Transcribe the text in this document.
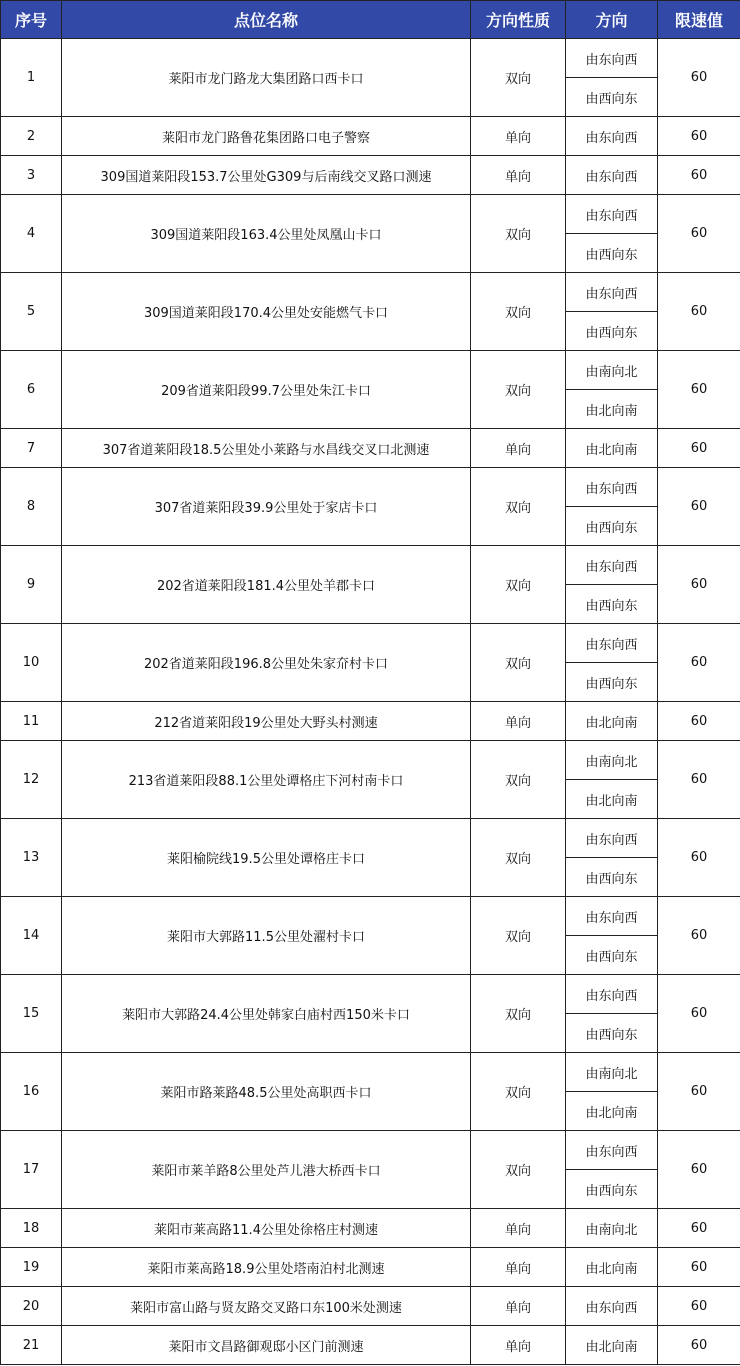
序号	点位名称	方向性质	方向	限速值
1	莱阳市龙门路龙大集团路口西卡口	双向	由东向西	60
			由西向东	
2	莱阳市龙门路鲁花集团路口电子警察	单向	由东向西	60
3	309国道莱阳段153.7公里处G309与后南线交叉路口测速	单向	由东向西	60
4	309国道莱阳段163.4公里处凤凰山卡口	双向	由东向西	60
			由西向东	
5	309国道莱阳段170.4公里处安能燃气卡口	双向	由东向西	60
			由西向东	
6	209省道莱阳段99.7公里处朱江卡口	双向	由南向北	60
			由北向南	
7	307省道莱阳段18.5公里处小莱路与水昌线交叉口北测速	单向	由北向南	60
8	307省道莱阳段39.9公里处于家店卡口	双向	由东向西	60
			由西向东	
9	202省道莱阳段181.4公里处羊郡卡口	双向	由东向西	60
			由西向东	
10	202省道莱阳段196.8公里处朱家夼村卡口	双向	由东向西	60
			由西向东	
11	212省道莱阳段19公里处大野头村测速	单向	由北向南	60
12	213省道莱阳段88.1公里处谭格庄下河村南卡口	双向	由南向北	60
			由北向南	
13	莱阳榆院线19.5公里处谭格庄卡口	双向	由东向西	60
			由西向东	
14	莱阳市大郭路11.5公里处濯村卡口	双向	由东向西	60
			由西向东	
15	莱阳市大郭路24.4公里处韩家白庙村西150米卡口	双向	由东向西	60
			由西向东	
16	莱阳市路莱路48.5公里处高职西卡口	双向	由南向北	60
			由北向南	
17	莱阳市莱羊路8公里处芦儿港大桥西卡口	双向	由东向西	60
			由西向东	
18	莱阳市莱高路11.4公里处徐格庄村测速	单向	由南向北	60
19	莱阳市莱高路18.9公里处塔南泊村北测速	单向	由北向南	60
20	莱阳市富山路与贤友路交叉路口东100米处测速	单向	由东向西	60
21	莱阳市文昌路御观邸小区门前测速	单向	由北向南	60
